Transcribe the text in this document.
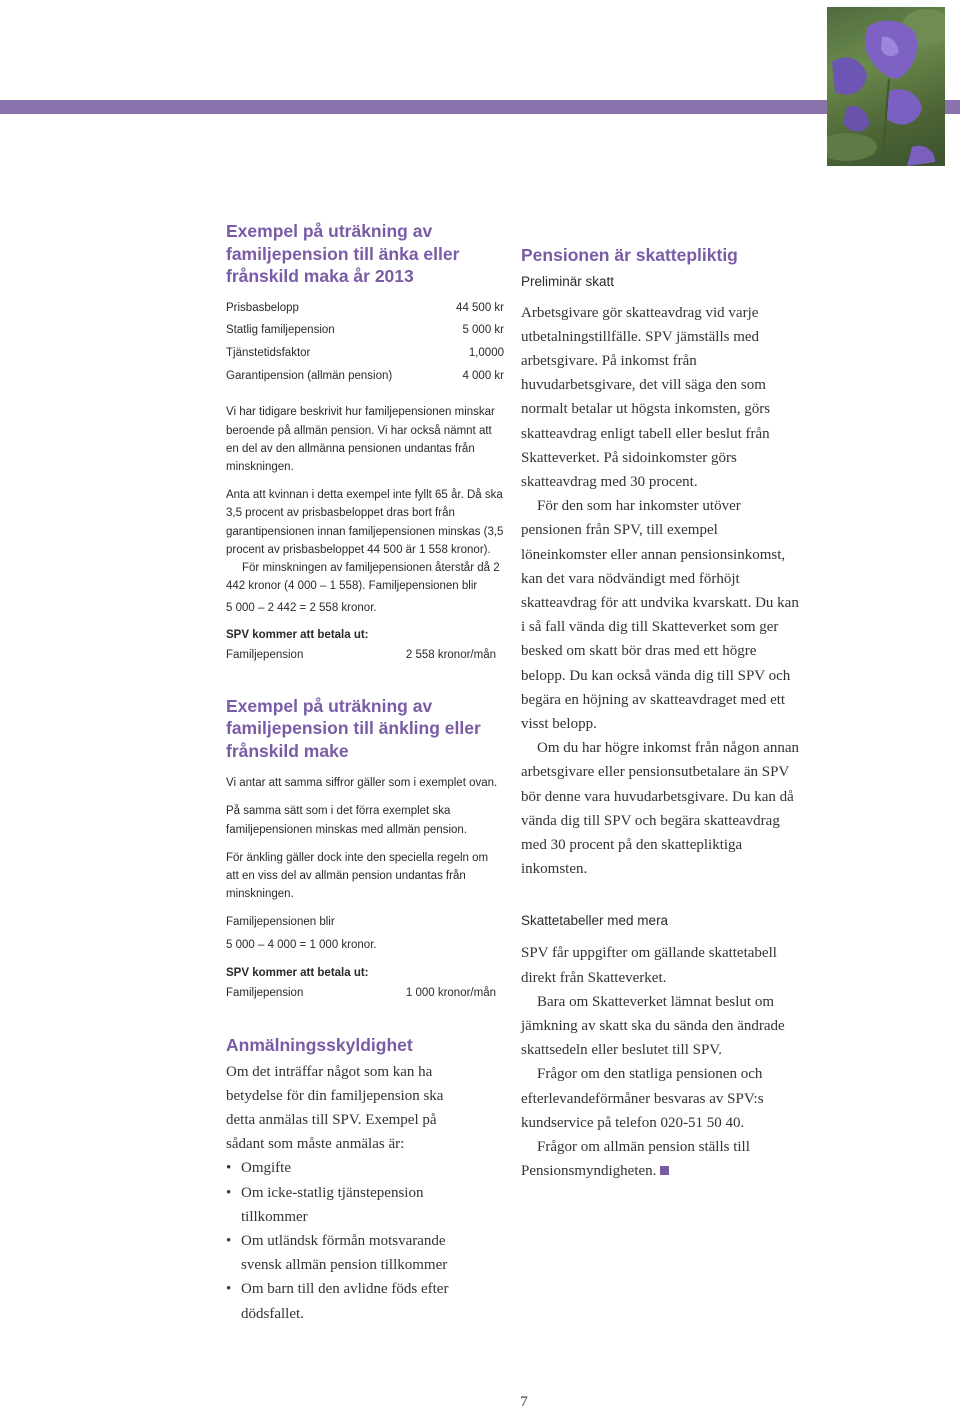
Exempel på uträkning av familjepension till änka eller frånskild maka år 2013
Prisbasbelopp	44 500 kr
Statlig familjepension	5 000 kr
Tjänstetidsfaktor	1,0000
Garantipension (allmän pension)	4 000 kr

Vi har tidigare beskrivit hur familjepensionen minskar beroende på allmän pension. Vi har också nämnt att en del av den allmänna pensionen undantas från minskningen.

Anta att kvinnan i detta exempel inte fyllt 65 år. Då ska 3,5 procent av prisbasbeloppet dras bort från garantipensionen innan familjepensionen minskas (3,5 procent av prisbasbeloppet 44 500 är 1 558 kronor).

För minskningen av familjepensionen återstår då 2 442 kronor (4 000 – 1 558). Familjepensionen blir

5 000 – 2 442 = 2 558 kronor.

SPV kommer att betala ut:

Familjepension	2 558 kronor/mån
Exempel på uträkning av familjepension till änkling eller frånskild make

Vi antar att samma siffror gäller som i exemplet ovan.

På samma sätt som i det förra exemplet ska familjepensionen minskas med allmän pension.

För änkling gäller dock inte den speciella regeln om att en viss del av allmän pension undantas från minskningen.

Familjepensionen blir

5 000 – 4 000 = 1 000 kronor.

SPV kommer att betala ut:

Familjepension	1 000 kronor/mån
Anmälningsskyldighet

Om det inträffar något som kan ha betydelse för din familjepension ska detta anmälas till SPV. Exempel på sådant som måste anmälas är:

• Omgifte
• Om icke-statlig tjänstepension tillkommer
• Om utländsk förmån motsvarande svensk allmän pension tillkommer
• Om barn till den avlidne föds efter dödsfallet.
Pensionen är skattepliktig

Preliminär skatt

Arbetsgivare gör skatteavdrag vid varje utbetalningstillfälle. SPV jämställs med arbetsgivare. På inkomst från huvudarbetsgivare, det vill säga den som normalt betalar ut högsta inkomsten, görs skatteavdrag enligt tabell eller beslut från Skatteverket. På sidoinkomster görs skatteavdrag med 30 procent.

För den som har inkomster utöver pensionen från SPV, till exempel löneinkomster eller annan pensionsinkomst, kan det vara nödvändigt med förhöjt skatteavdrag för att undvika kvarskatt. Du kan i så fall vända dig till Skatteverket som ger besked om skatt bör dras med ett högre belopp. Du kan också vända dig till SPV och begära en höjning av skatteavdraget med ett visst belopp.

Om du har högre inkomst från någon annan arbetsgivare eller pensionsutbetalare än SPV bör denne vara huvudarbetsgivare. Du kan då vända dig till SPV och begära skatteavdrag med 30 procent på den skattepliktiga inkomsten.

Skattetabeller med mera

SPV får uppgifter om gällande skattetabell direkt från Skatteverket.

Bara om Skatteverket lämnat beslut om jämkning av skatt ska du sända den ändrade skattsedeln eller beslutet till SPV.

Frågor om den statliga pensionen och efterlevandeförmåner besvaras av SPV:s kundservice på telefon 020-51 50 40.

Frågor om allmän pension ställs till Pensionsmyndigheten.

7
